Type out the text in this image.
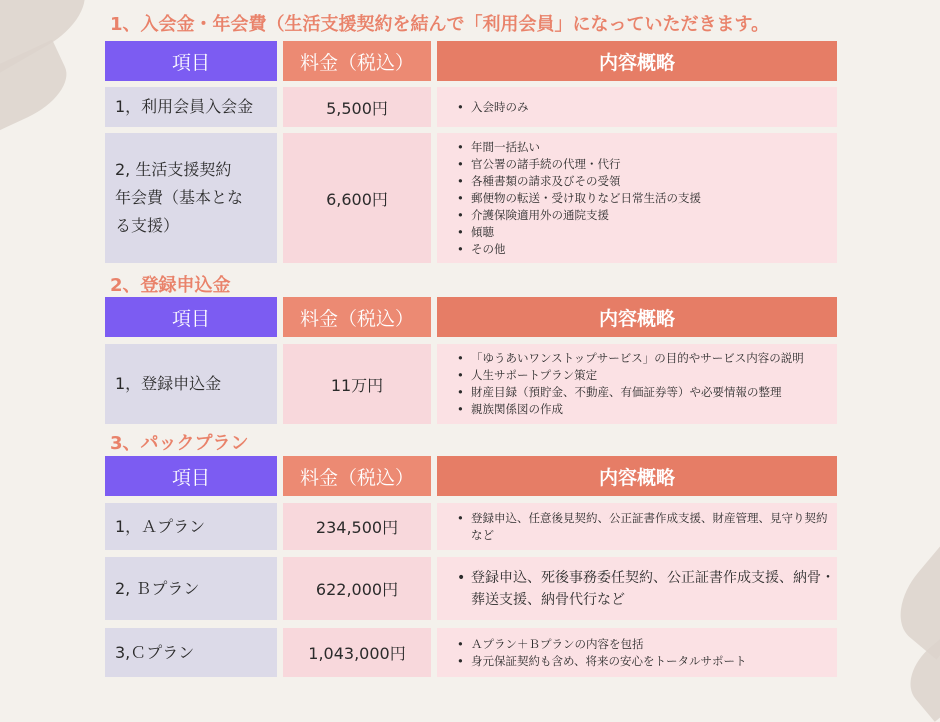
1、入会金・年会費（生活支援契約を結んで「利用会員」になっていただきます。
項目	料金（税込）	内容概略
1，利用会員入会金	5,500円
•	入会時のみ
2, 生活支援契約
年会費（基本とな
る支援）
6,600円
• 年間一括払い
• 官公署の諸手続の代理・代行
• 各種書類の請求及びその受領
• 郵便物の転送・受け取りなど日常生活の支援
• 介護保険適用外の通院支援
• 傾聴
• その他
2、登録申込金
項目	料金（税込）	内容概略
1，登録申込金	11万円
• 「ゆうあいワンストップサービス」の目的やサービス内容の説明
• 人生サポートプラン策定
• 財産目録（預貯金、不動産、有価証券等）や必要情報の整理
• 親族関係図の作成
3、パックプラン
項目	料金（税込）	内容概略
1，Ａプラン	234,500円
• 登録申込、任意後見契約、公正証書作成支援、財産管理、見守り契約など
2, Ｂプラン	622,000円
• 登録申込、死後事務委任契約、公正証書作成支援、納骨・葬送支援、納骨代行など
3,Ｃプラン	1,043,000円
• Ａプラン＋Ｂプランの内容を包括
• 身元保証契約も含め、将来の安心をトータルサポート
